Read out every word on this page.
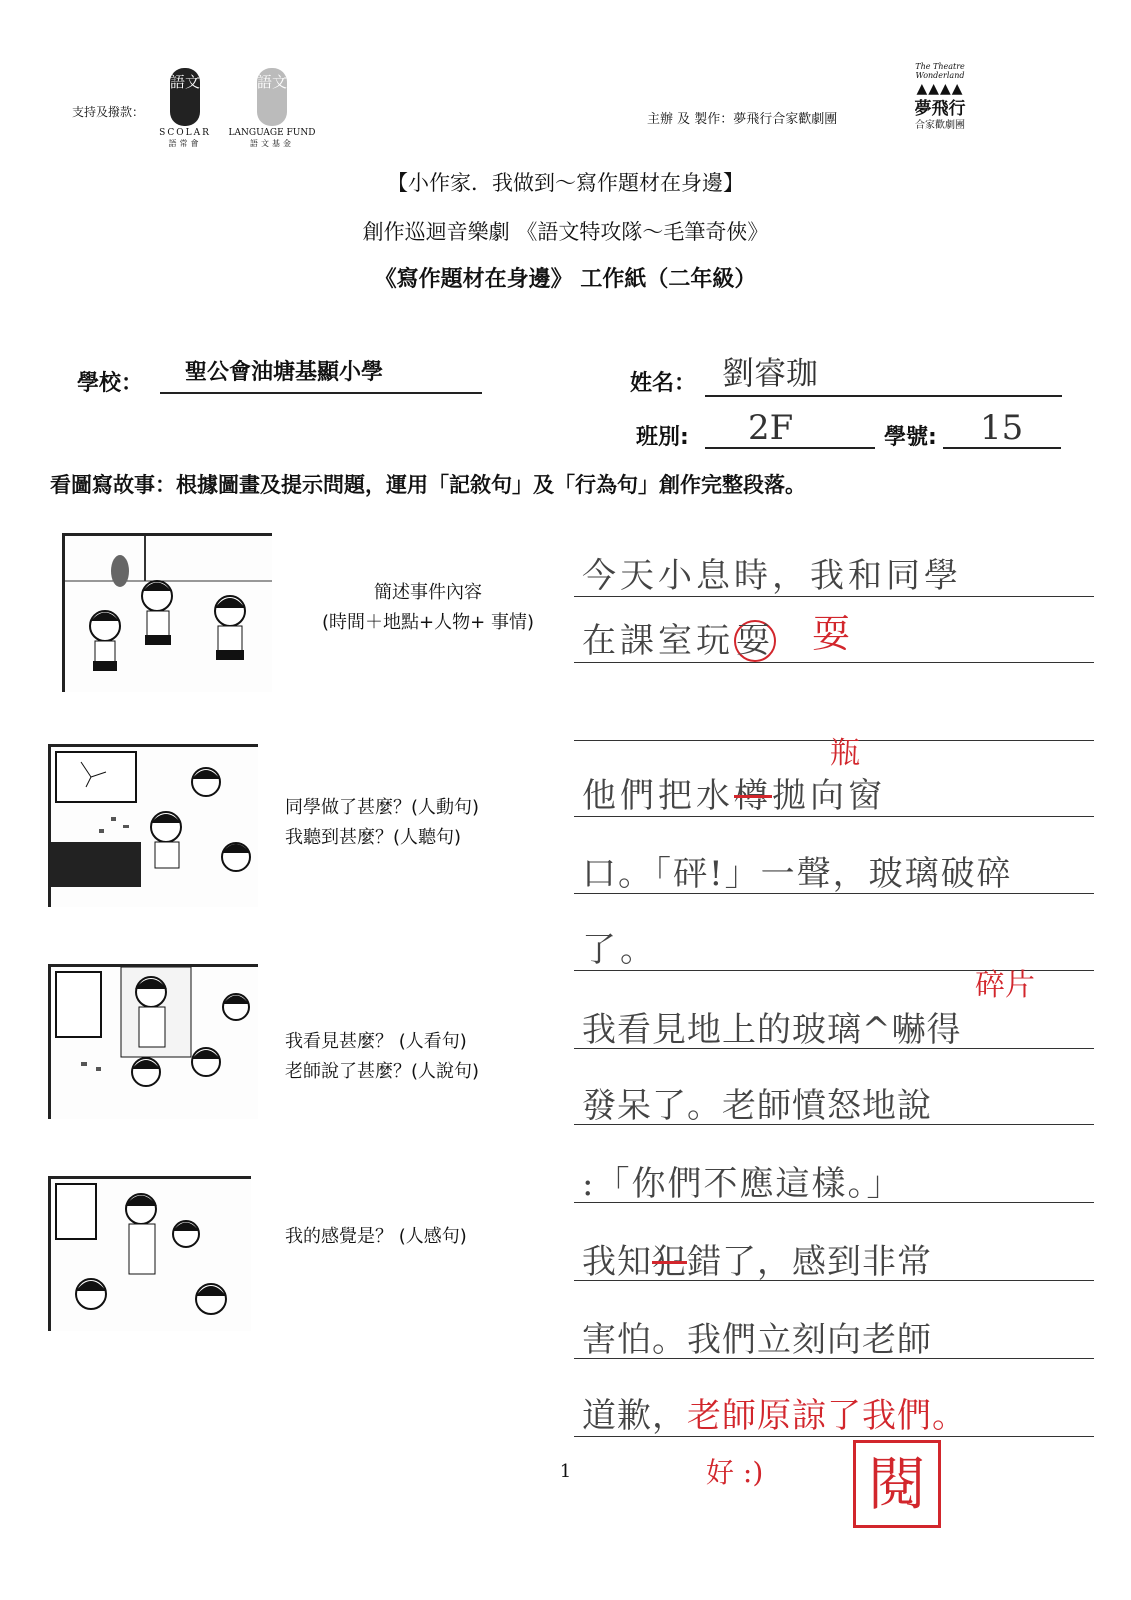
支持及撥款：
語文
SCOLAR
語常會
語文
LANGUAGE FUND
語文基金
主辦 及 製作：夢飛行合家歡劇團
The Theatre Wonderland
▲▲▲▲
夢飛行
合家歡劇團
【小作家．我做到～寫作題材在身邊】
創作巡迴音樂劇 《語文特攻隊～毛筆奇俠》
《寫作題材在身邊》 工作紙（二年級）
學校： 聖公會油塘基顯小學	姓名： 劉睿珈
班別: 2F	學號: 15
看圖寫故事：根據圖畫及提示問題，運用「記敘句」及「行為句」創作完整段落。
簡述事件內容
(時間＋地點+人物+ 事情)
同學做了甚麼？(人動句)
我聽到甚麼？(人聽句)
我看見甚麼？ (人看句)
老師說了甚麼？(人說句)
我的感覺是？ (人感句)
今天小息時，我和同學
在課室玩耍 耍
瓶
他們把水樽拋向窗
口。「砰!」一聲，玻璃破碎
了。
碎片
我看見地上的玻璃^嚇得
發呆了。老師憤怒地說
:「你們不應這樣。」
我知犯錯了，感到非常
害怕。我們立刻向老師
道歉，老師原諒了我們。
1	好 :) 閱
